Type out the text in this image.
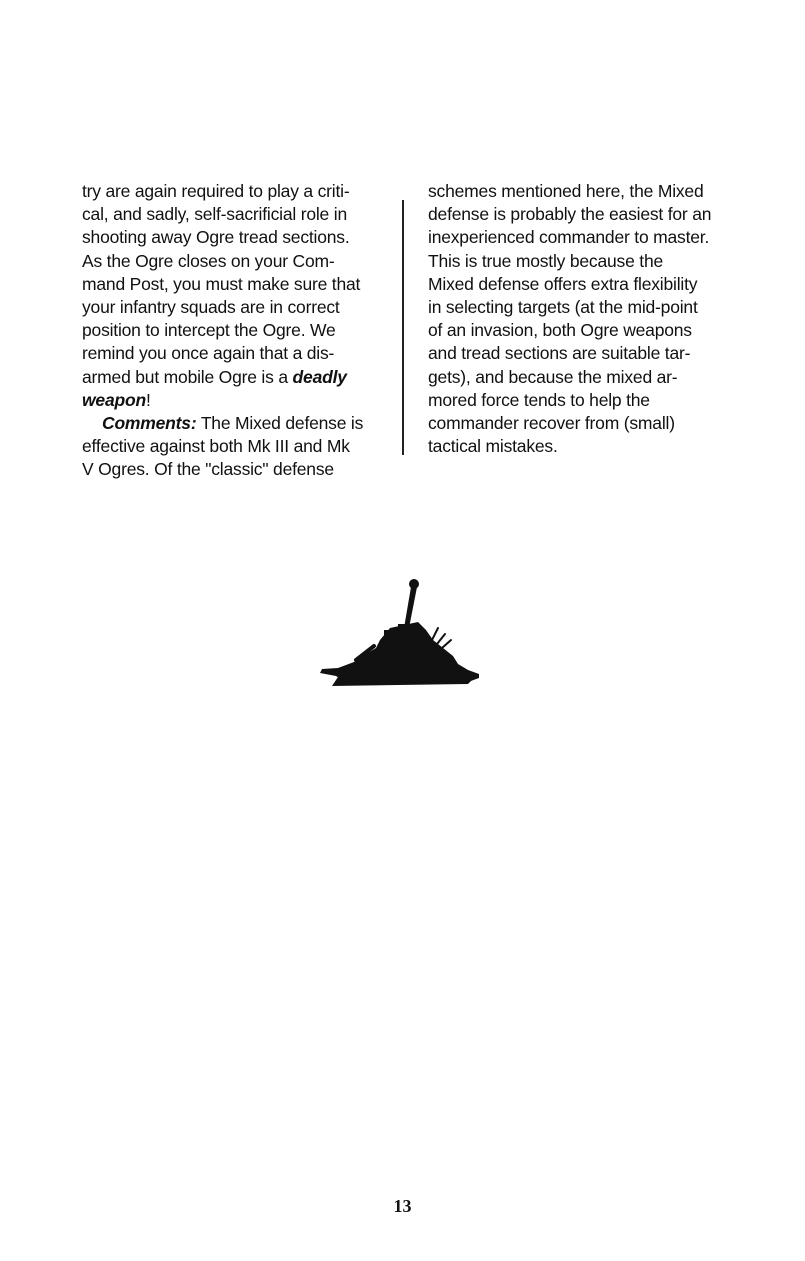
try are again required to play a criti-
cal, and sadly, self-sacrificial role in
shooting away Ogre tread sections.
As the Ogre closes on your Com-
mand Post, you must make sure that
your infantry squads are in correct
position to intercept the Ogre. We
remind you once again that a dis-
armed but mobile Ogre is a deadly
weapon!
Comments: The Mixed defense is
effective against both Mk III and Mk
V Ogres. Of the "classic" defense
schemes mentioned here, the Mixed
defense is probably the easiest for an
inexperienced commander to master.
This is true mostly because the
Mixed defense offers extra flexibility
in selecting targets (at the mid-point
of an invasion, both Ogre weapons
and tread sections are suitable tar-
gets), and because the mixed ar-
mored force tends to help the
commander recover from (small)
tactical mistakes.
13
